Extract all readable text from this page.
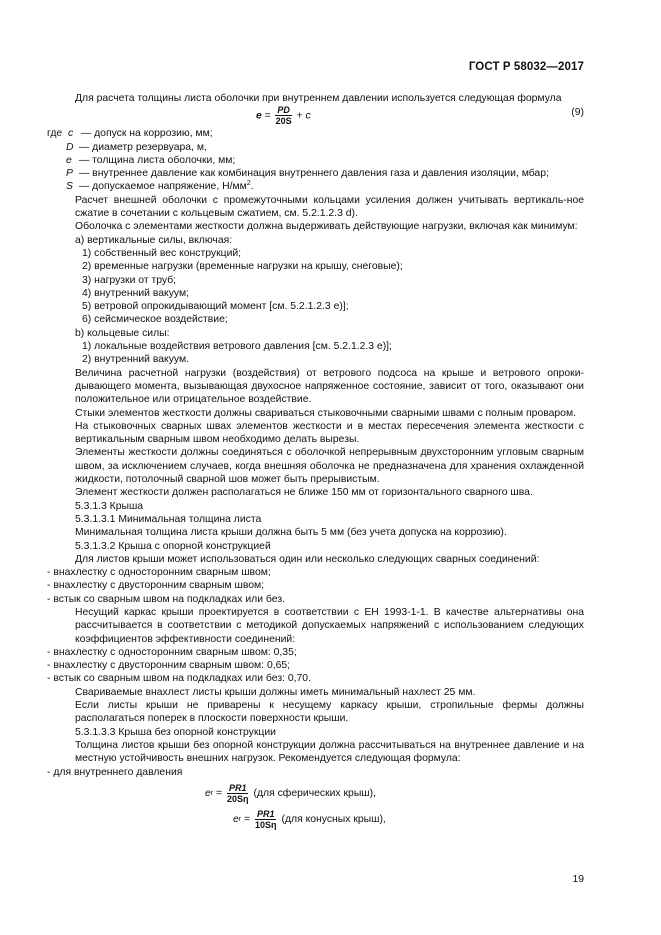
ГОСТ Р 58032—2017

Для расчета толщины листа оболочки при внутреннем давлении используется следующая формула

$e = \frac{PD}{20S} + c$	(9)
где c — допуск на коррозию, мм;
D — диаметр резервуара, м,
e — толщина листа оболочки, мм;
P — внутреннее давление как комбинация внутреннего давления газа и давления изоляции, мбар;
S — допускаемое напряжение, $Н/мм^2$.

Расчет внешней оболочки с промежуточными кольцами усиления должен учитывать вертикаль-ное сжатие в сочетании с кольцевым сжатием, см. 5.2.1.2.3 d).

Оболочка с элементами жесткости должна выдерживать действующие нагрузки, включая как минимум:

а) вертикальные силы, включая:

1) собственный вес конструкций;

2) временные нагрузки (временные нагрузки на крышу, снеговые);

3) нагрузки от труб;

4) внутренний вакуум;

5) ветровой опрокидывающий момент [см. 5.2.1.2.3 е)];

6) сейсмическое воздействие;

b) кольцевые силы:

1) локальные воздействия ветрового давления [см. 5.2.1.2.3 е)];

2) внутренний вакуум.

Величина расчетной нагрузки (воздействия) от ветрового подсоса на крыше и ветрового опроки-дывающего момента, вызывающая двухосное напряженное состояние, зависит от того, оказывают они положительное или отрицательное воздействие.

Стыки элементов жесткости должны свариваться стыковочными сварными швами с полным проваром.

На стыковочных сварных швах элементов жесткости и в местах пересечения элемента жесткости с вертикальным сварным швом необходимо делать вырезы.

Элементы жесткости должны соединяться с оболочкой непрерывным двухсторонним угловым сварным швом, за исключением случаев, когда внешняя оболочка не предназначена для хранения охлажденной жидкости, потолочный сварной шов может быть прерывистым.

Элемент жесткости должен располагаться не ближе 150 мм от горизонтального сварного шва.

5.3.1.3 Крыша

5.3.1.3.1 Минимальная толщина листа

Минимальная толщина листа крыши должна быть 5 мм (без учета допуска на коррозию).

5.3.1.3.2 Крыша с опорной конструкцией

Для листов крыши может использоваться один или несколько следующих сварных соединений:

- внахлестку с односторонним сварным швом;

- внахлестку с двусторонним сварным швом;

- встык со сварным швом на подкладках или без.

Несущий каркас крыши проектируется в соответствии с ЕН 1993-1-1. В качестве альтернативы она рассчитывается в соответствии с методикой допускаемых напряжений с использованием следующих коэффициентов эффективности соединений:

- внахлестку с односторонним сварным швом: 0,35;

- внахлестку с двусторонним сварным швом: 0,65;

- встык со сварным швом на подкладках или без: 0,70.

Свариваемые внахлест листы крыши должны иметь минимальный нахлест 25 мм.

Если листы крыши не приварены к несущему каркасу крыши, стропильные фермы должны располагаться поперек в плоскости поверхности крыши.

5.3.1.3.3 Крыша без опорной конструкции

Толщина листов крыши без опорной конструкции должна рассчитываться на внутреннее давление и на местную устойчивость внешних нагрузок. Рекомендуется следующая формула:

- для внутреннего давления

e $r = \frac{PR1}{20S\eta} (для$ сферических крыш),
e $r = \frac{PR1}{10S\eta} (для$ конусных крыш),
19
